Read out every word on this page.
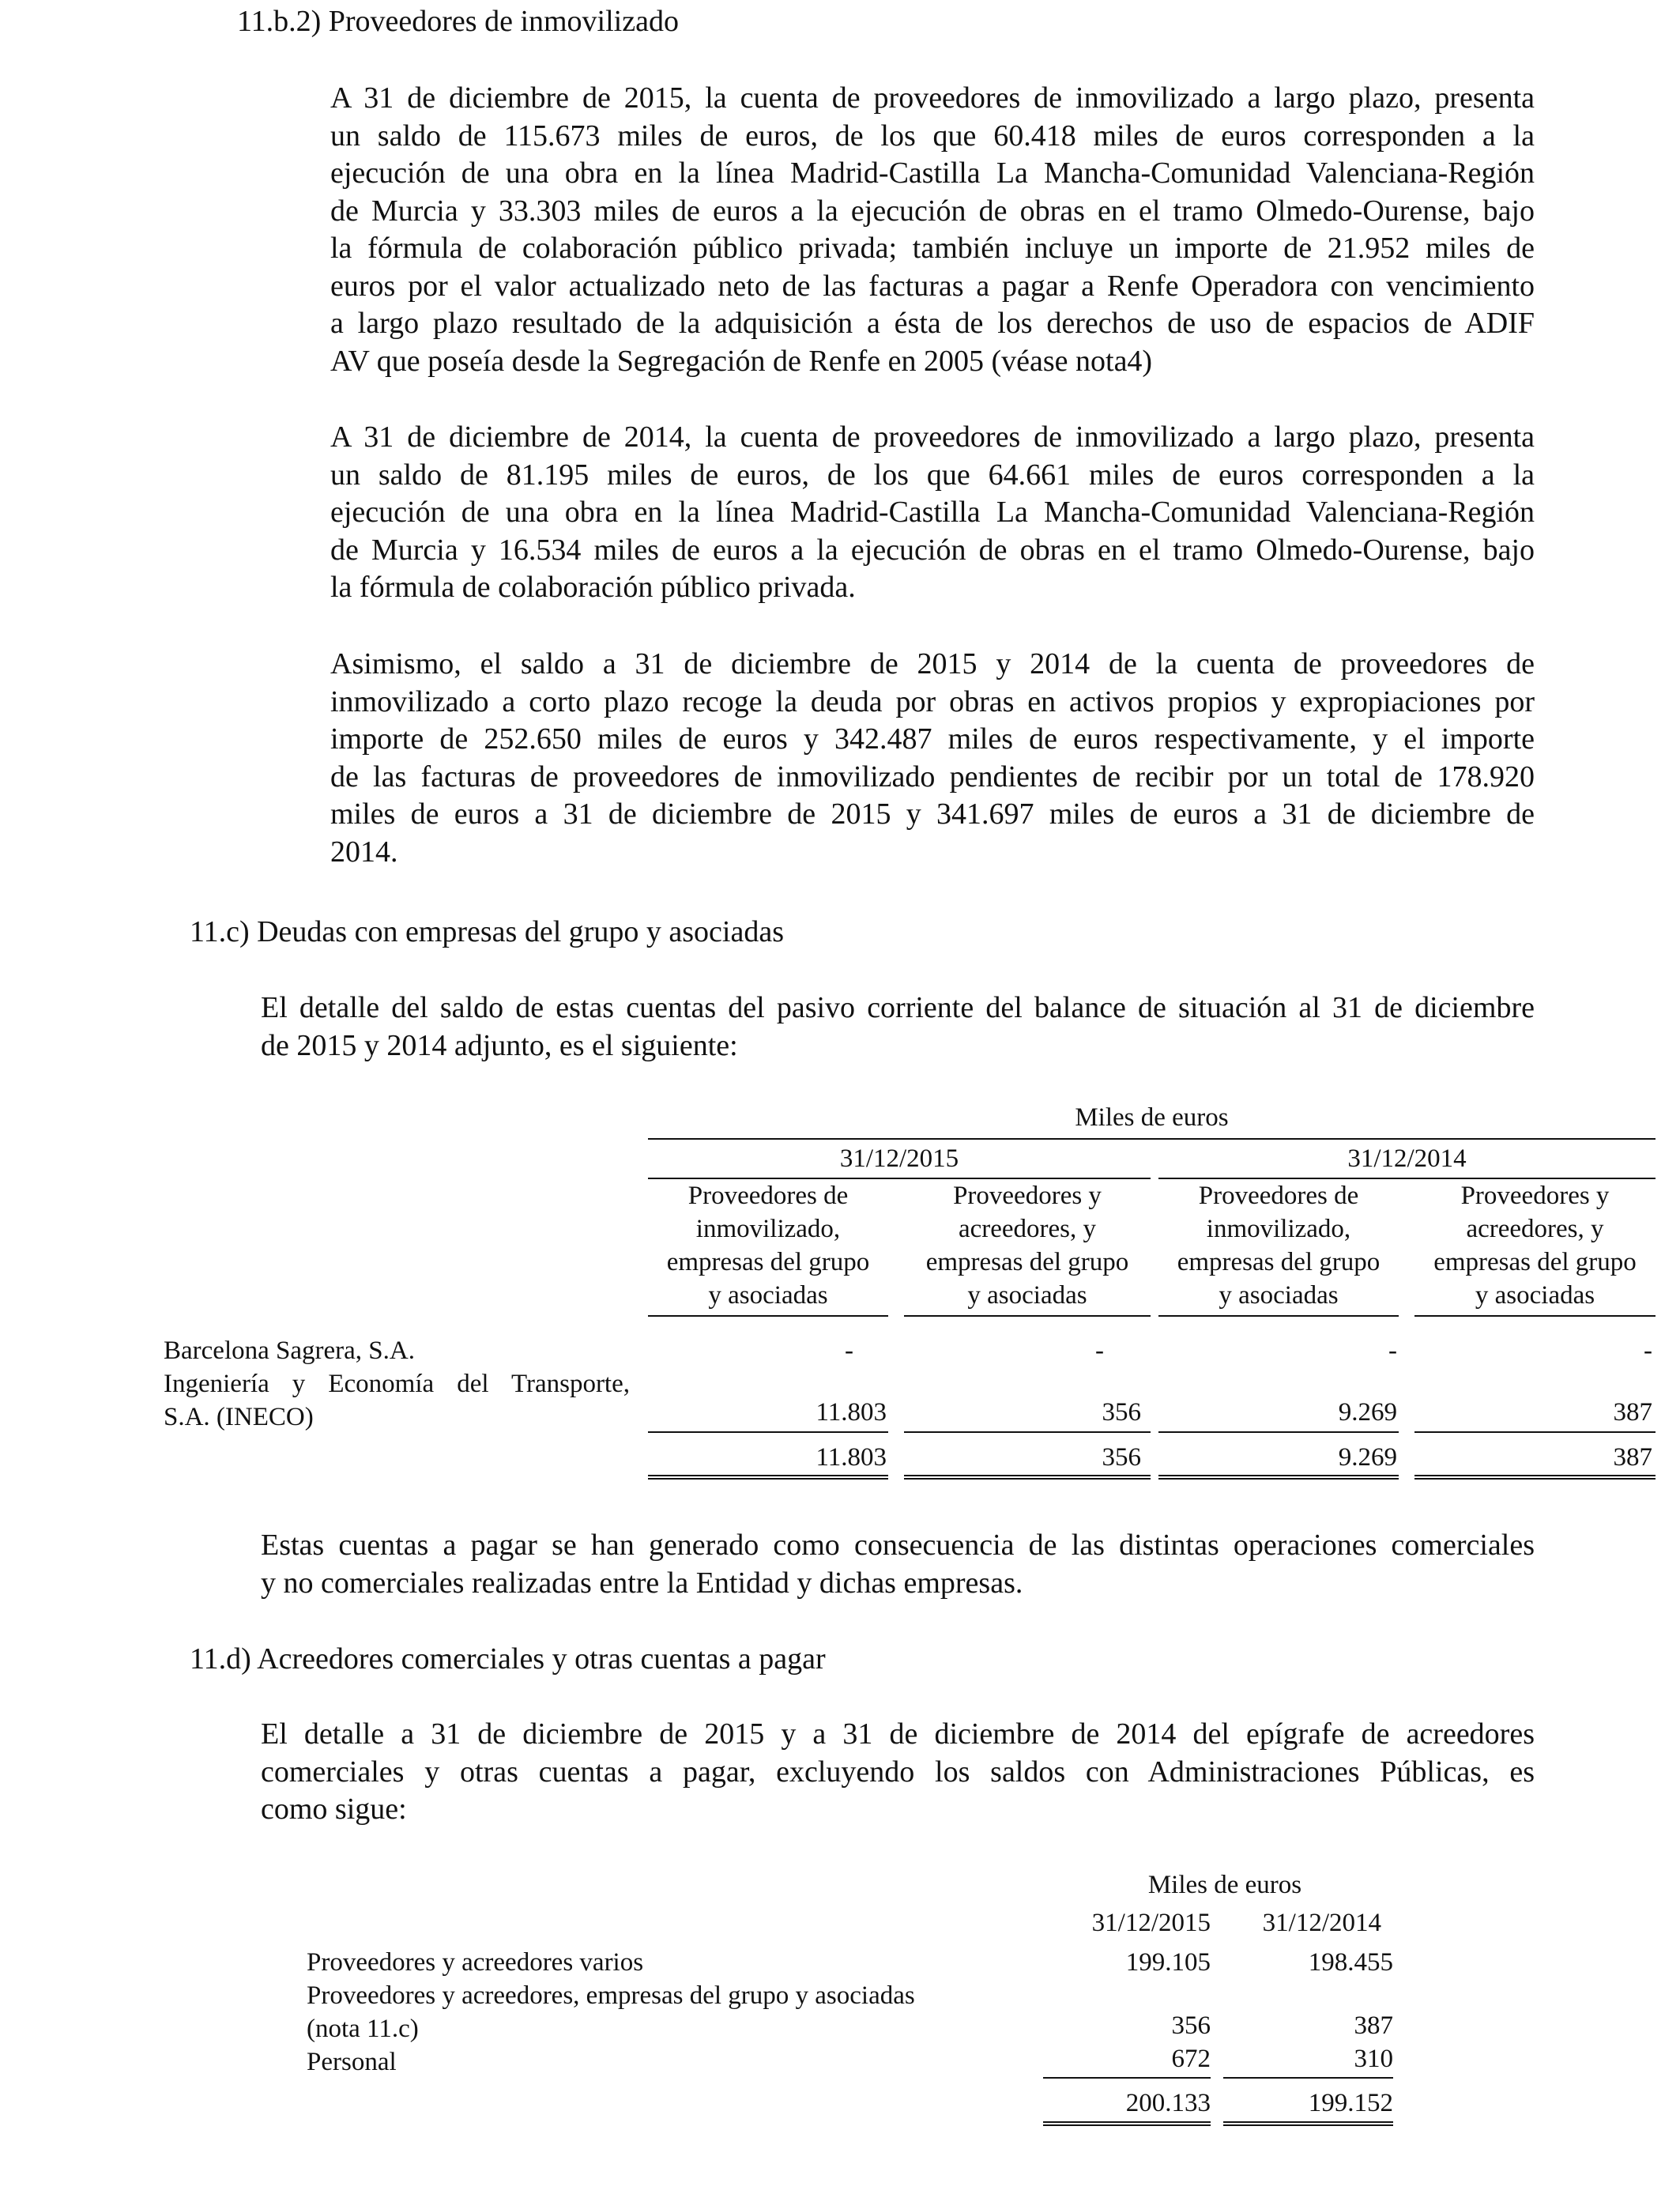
11.b.2) Proveedores de inmovilizado
A 31 de diciembre de 2015, la cuenta de proveedores de inmovilizado a largo plazo, presenta
un saldo de 115.673 miles de euros, de los que 60.418 miles de euros corresponden a la
ejecución de una obra en la línea Madrid-Castilla La Mancha-Comunidad Valenciana-Región
de Murcia y 33.303 miles de euros a la ejecución de obras en el tramo Olmedo-Ourense, bajo
la fórmula de colaboración público privada; también incluye un importe de 21.952 miles de
euros por el valor actualizado neto de las facturas a pagar a Renfe Operadora con vencimiento
a largo plazo resultado de la adquisición a ésta de los derechos de uso de espacios de ADIF
AV que poseía desde la Segregación de Renfe en 2005 (véase nota4)
A 31 de diciembre de 2014, la cuenta de proveedores de inmovilizado a largo plazo, presenta
un saldo de 81.195 miles de euros, de los que 64.661 miles de euros corresponden a la
ejecución de una obra en la línea Madrid-Castilla La Mancha-Comunidad Valenciana-Región
de Murcia y 16.534 miles de euros a la ejecución de obras en el tramo Olmedo-Ourense, bajo
la fórmula de colaboración público privada.
Asimismo, el saldo a 31 de diciembre de 2015 y 2014 de la cuenta de proveedores de
inmovilizado a corto plazo recoge la deuda por obras en activos propios y expropiaciones por
importe de 252.650 miles de euros y 342.487 miles de euros respectivamente, y el importe
de las facturas de proveedores de inmovilizado pendientes de recibir por un total de 178.920
miles de euros a 31 de diciembre de 2015 y 341.697 miles de euros a 31 de diciembre de
2014.
11.c) Deudas con empresas del grupo y asociadas
El detalle del saldo de estas cuentas del pasivo corriente del balance de situación al 31 de diciembre
de 2015 y 2014 adjunto, es el siguiente:
Miles de euros
31/12/2015	31/12/2014
Proveedores de
inmovilizado,
empresas del grupo
y asociadas
Proveedores y
acreedores, y
empresas del grupo
y asociadas
Proveedores de
inmovilizado,
empresas del grupo
y asociadas
Proveedores y
acreedores, y
empresas del grupo
y asociadas
Barcelona Sagrera, S.A.	-	-	-	-
Ingeniería y Economía del Transporte,
S.A. (INECO)	11.803	356	9.269	387
11.803	356	9.269	387
Estas cuentas a pagar se han generado como consecuencia de las distintas operaciones comerciales
y no comerciales realizadas entre la Entidad y dichas empresas.
11.d) Acreedores comerciales y otras cuentas a pagar
El detalle a 31 de diciembre de 2015 y a 31 de diciembre de 2014 del epígrafe de acreedores
comerciales y otras cuentas a pagar, excluyendo los saldos con Administraciones Públicas, es
como sigue:
Miles de euros
31/12/2015	31/12/2014
Proveedores y acreedores varios	199.105	198.455
Proveedores y acreedores, empresas del grupo y asociadas
(nota 11.c)	356	387
Personal	672	310
200.133	199.152
